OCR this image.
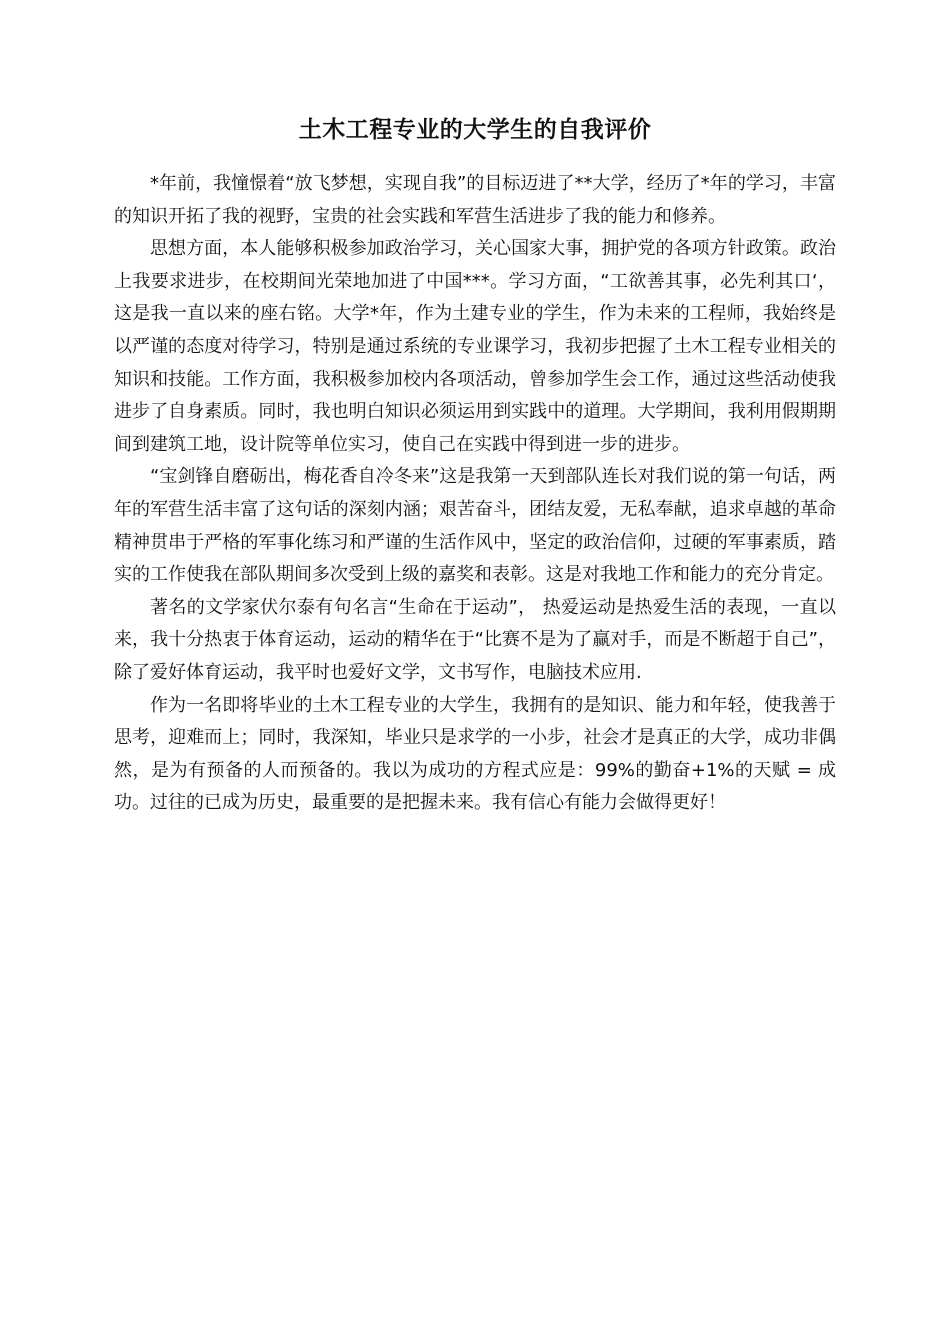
土木工程专业的大学生的自我评价

*年前，我憧憬着“放飞梦想，实现自我”的目标迈进了**大学，经历了*年的学习，丰富的知识开拓了我的视野，宝贵的社会实践和军营生活进步了我的能力和修养。

思想方面，本人能够积极参加政治学习，关心国家大事，拥护党的各项方针政策。政治上我要求进步，在校期间光荣地加进了中国***。学习方面，“工欲善其事，必先利其口‘，这是我一直以来的座右铭。大学*年，作为土建专业的学生，作为未来的工程师，我始终是以严谨的态度对待学习，特别是通过系统的专业课学习，我初步把握了土木工程专业相关的知识和技能。工作方面，我积极参加校内各项活动，曾参加学生会工作，通过这些活动使我进步了自身素质。同时，我也明白知识必须运用到实践中的道理。大学期间，我利用假期期间到建筑工地，设计院等单位实习，使自己在实践中得到进一步的进步。

“宝剑锋自磨砺出，梅花香自冷冬来”这是我第一天到部队连长对我们说的第一句话，两年的军营生活丰富了这句话的深刻内涵；艰苦奋斗，团结友爱，无私奉献，追求卓越的革命精神贯串于严格的军事化练习和严谨的生活作风中，坚定的政治信仰，过硬的军事素质，踏实的工作使我在部队期间多次受到上级的嘉奖和表彰。这是对我地工作和能力的充分肯定。

著名的文学家伏尔泰有句名言“生命在于运动”， 热爱运动是热爱生活的表现，一直以来，我十分热衷于体育运动，运动的精华在于“比赛不是为了赢对手，而是不断超于自己”，除了爱好体育运动，我平时也爱好文学，文书写作，电脑技术应用.

作为一名即将毕业的土木工程专业的大学生，我拥有的是知识、能力和年轻，使我善于思考，迎难而上；同时，我深知，毕业只是求学的一小步，社会才是真正的大学，成功非偶然，是为有预备的人而预备的。我以为成功的方程式应是：99%的勤奋+1%的天赋 = 成功。过往的已成为历史，最重要的是把握未来。我有信心有能力会做得更好！
